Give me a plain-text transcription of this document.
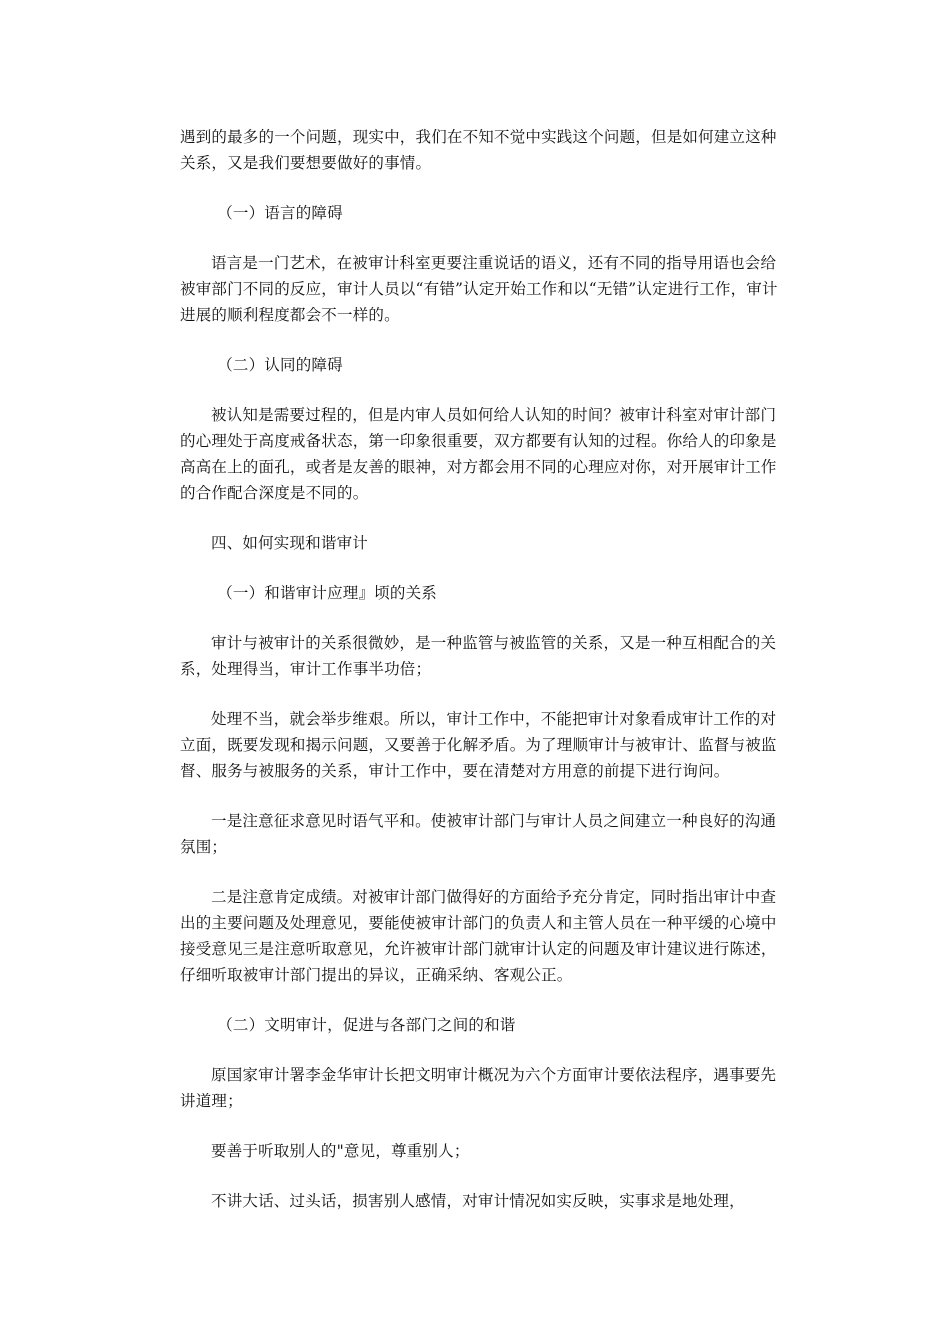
遇到的最多的一个问题，现实中，我们在不知不觉中实践这个问题，但是如何建立这种关系，又是我们要想要做好的事情。

（一）语言的障碍

语言是一门艺术，在被审计科室更要注重说话的语义，还有不同的指导用语也会给被审部门不同的反应，审计人员以“有错”认定开始工作和以“无错”认定进行工作，审计进展的顺利程度都会不一样的。

（二）认同的障碍

被认知是需要过程的，但是内审人员如何给人认知的时间？被审计科室对审计部门的心理处于高度戒备状态，第一印象很重要，双方都要有认知的过程。你给人的印象是高高在上的面孔，或者是友善的眼神，对方都会用不同的心理应对你，对开展审计工作的合作配合深度是不同的。

四、如何实现和谐审计

（一）和谐审计应理』顷的关系

审计与被审计的关系很微妙，是一种监管与被监管的关系，又是一种互相配合的关系，处理得当，审计工作事半功倍；

处理不当，就会举步维艰。所以，审计工作中，不能把审计对象看成审计工作的对立面，既要发现和揭示问题，又要善于化解矛盾。为了理顺审计与被审计、监督与被监督、服务与被服务的关系，审计工作中，要在清楚对方用意的前提下进行询问。

一是注意征求意见时语气平和。使被审计部门与审计人员之间建立一种良好的沟通氛围；

二是注意肯定成绩。对被审计部门做得好的方面给予充分肯定，同时指出审计中查出的主要问题及处理意见，要能使被审计部门的负责人和主管人员在一种平缓的心境中接受意见三是注意听取意见，允许被审计部门就审计认定的问题及审计建议进行陈述，仔细听取被审计部门提出的异议，正确采纳、客观公正。

（二）文明审计，促进与各部门之间的和谐

原国家审计署李金华审计长把文明审计概况为六个方面审计要依法程序，遇事要先讲道理；

要善于听取别人的"意见，尊重别人；

不讲大话、过头话，损害别人感情，对审计情况如实反映，实事求是地处理，
